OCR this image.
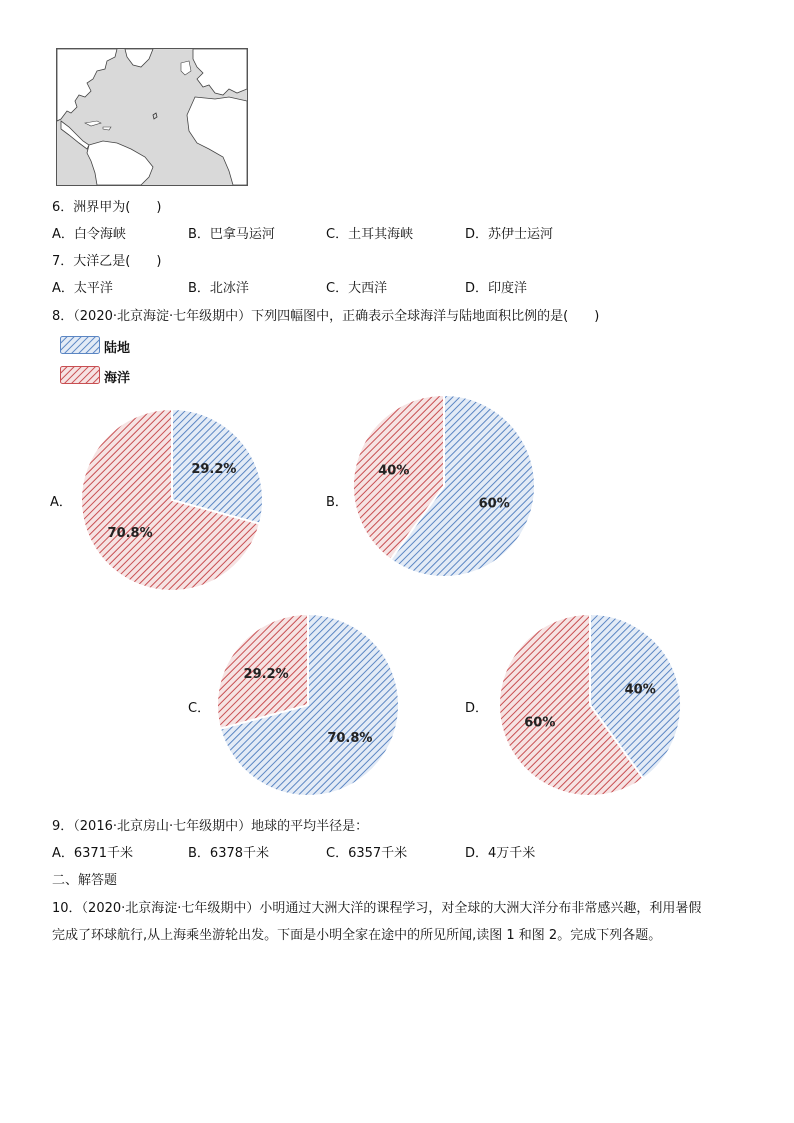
6．洲界甲为(　　)
A．白令海峡	B．巴拿马运河	C．土耳其海峡	D．苏伊士运河
7．大洋乙是(　　)
A．太平洋	B．北冰洋	C．大西洋	D．印度洋
8．（2020·北京海淀·七年级期中）下列四幅图中，正确表示全球海洋与陆地面积比例的是(　　)
陆地
海洋
A．	B．
C．	D．
29.2%
70.8%
60%
40%
70.8%
29.2%
40%
60%
9．（2016·北京房山·七年级期中）地球的平均半径是：
A．6371千米	B．6378千米	C．6357千米	D．4万千米
二、解答题
10．（2020·北京海淀·七年级期中）小明通过大洲大洋的课程学习，对全球的大洲大洋分布非常感兴趣，利用暑假
完成了环球航行,从上海乘坐游轮出发。下面是小明全家在途中的所见所闻,读图 1 和图 2。完成下列各题。
